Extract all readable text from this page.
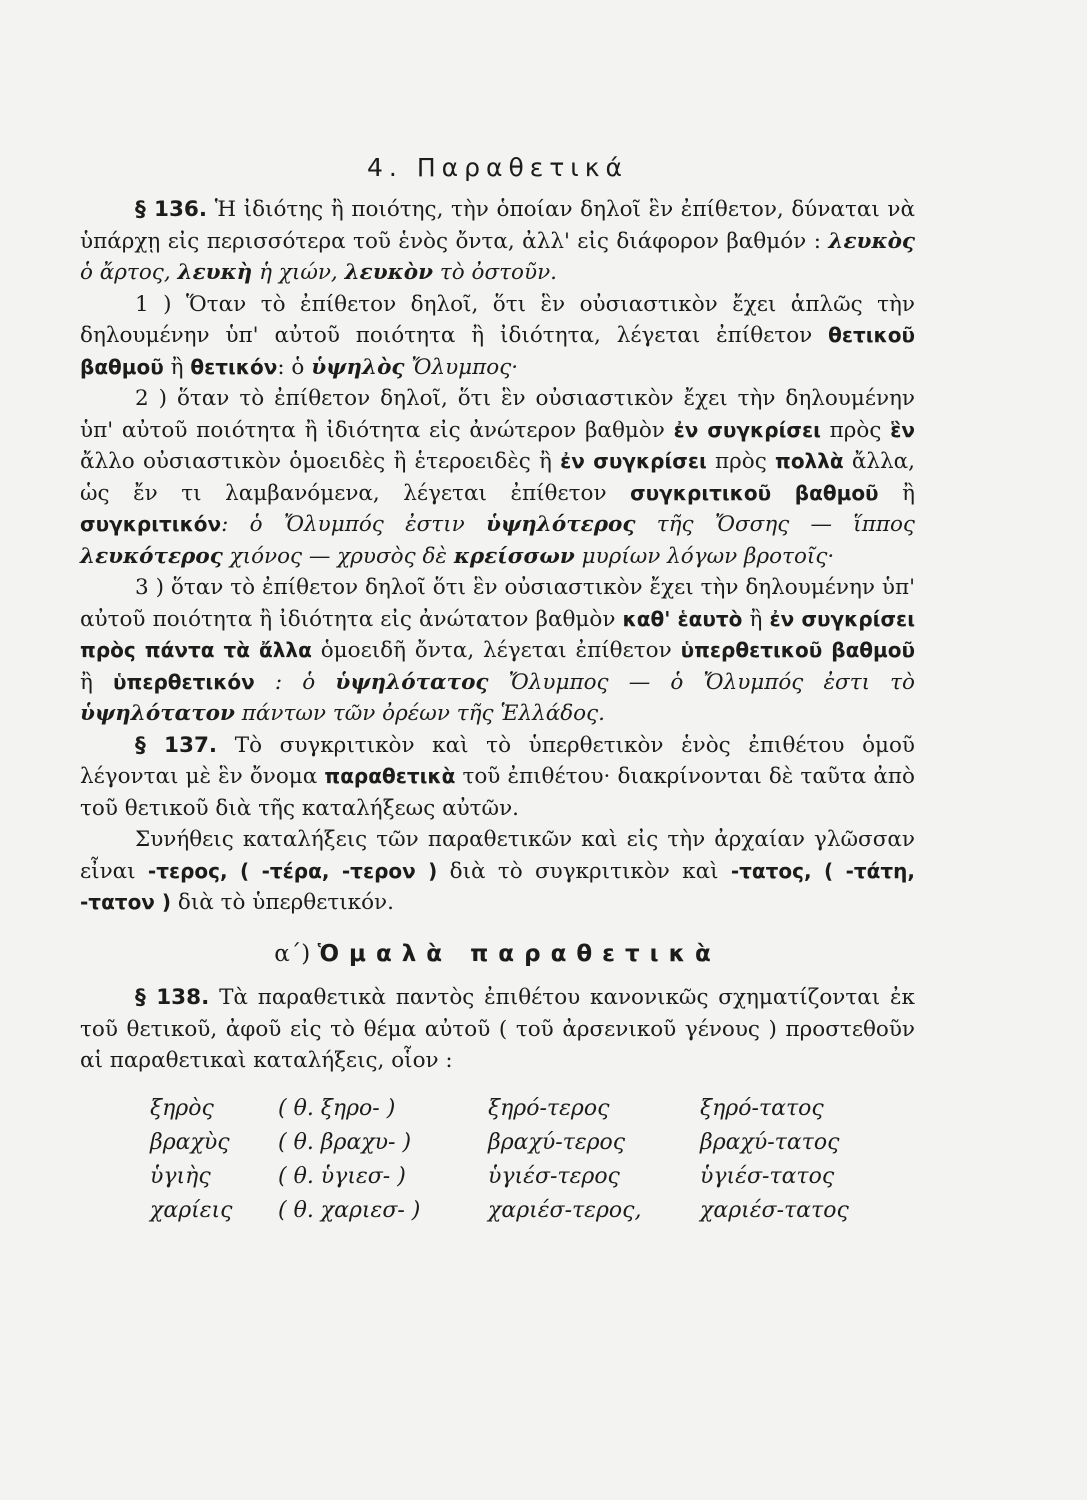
4. Παραθετικά

§ 136. Ἡ ἰδιότης ἢ ποιότης, τὴν ὁποίαν δηλοῖ ἓν ἐπίθετον, δύναται νὰ ὑπάρχῃ εἰς περισσότερα τοῦ ἑνὸς ὄντα, ἀλλ' εἰς διάφορον βαθμόν : λευκὸς ὁ ἄρτος, λευκὴ ἡ χιών, λευκὸν τὸ ὀστοῦν.

1 ) Ὅταν τὸ ἐπίθετον δηλοῖ, ὅτι ἓν οὐσιαστικὸν ἔχει ἁπλῶς τὴν δηλουμένην ὑπ' αὐτοῦ ποιότητα ἢ ἰδιότητα, λέγεται ἐπίθετον θετικοῦ βαθμοῦ ἢ θετικόν: ὁ ὑψηλὸς Ὄλυμπος·

2 ) ὅταν τὸ ἐπίθετον δηλοῖ, ὅτι ἓν οὐσιαστικὸν ἔχει τὴν δηλουμένην ὑπ' αὐτοῦ ποιότητα ἢ ἰδιότητα εἰς ἀνώτερον βαθμὸν ἐν συγκρίσει πρὸς ἓν ἄλλο οὐσιαστικὸν ὁμοειδὲς ἢ ἑτεροειδὲς ἢ ἐν συγκρίσει πρὸς πολλὰ ἄλλα, ὡς ἔν τι λαμβανόμενα, λέγεται ἐπίθετον συγκριτικοῦ βαθμοῦ ἢ συγκριτικόν: ὁ Ὄλυμπός ἐστιν ὑψηλότερος τῆς Ὄσσης — ἵππος λευκότερος χιόνος — χρυσὸς δὲ κρείσσων μυρίων λόγων βροτοῖς·

3 ) ὅταν τὸ ἐπίθετον δηλοῖ ὅτι ἓν οὐσιαστικὸν ἔχει τὴν δηλουμένην ὑπ' αὐτοῦ ποιότητα ἢ ἰδιότητα εἰς ἀνώτατον βαθμὸν καθ' ἑαυτὸ ἢ ἐν συγκρίσει πρὸς πάντα τὰ ἄλλα ὁμοειδῆ ὄντα, λέγεται ἐπίθετον ὑπερθετικοῦ βαθμοῦ ἢ ὑπερθετικόν : ὁ ὑψηλότατος Ὄλυμπος — ὁ Ὄλυμπός ἐστι τὸ ὑψηλότατον πάντων τῶν ὀρέων τῆς Ἑλλάδος.

§ 137. Τὸ συγκριτικὸν καὶ τὸ ὑπερθετικὸν ἑνὸς ἐπιθέτου ὁμοῦ λέγονται μὲ ἓν ὄνομα παραθετικὰ τοῦ ἐπιθέτου· διακρίνονται δὲ ταῦτα ἀπὸ τοῦ θετικοῦ διὰ τῆς καταλήξεως αὐτῶν.

Συνήθεις καταλήξεις τῶν παραθετικῶν καὶ εἰς τὴν ἀρχαίαν γλῶσσαν εἶναι -τερος, ( -τέρα, -τερον ) διὰ τὸ συγκριτικὸν καὶ -τατος, ( -τάτη, -τατον ) διὰ τὸ ὑπερθετικόν.

α΄) Ὁμαλὰ παραθετικὰ

§ 138. Τὰ παραθετικὰ παντὸς ἐπιθέτου κανονικῶς σχηματίζονται ἐκ τοῦ θετικοῦ, ἀφοῦ εἰς τὸ θέμα αὐτοῦ ( τοῦ ἀρσενικοῦ γένους ) προστεθοῦν αἱ παραθετικαὶ καταλήξεις, οἷον :

ξηρὸς	( θ. ξηρο- )	ξηρό-τερος	ξηρό-τατος
βραχὺς	( θ. βραχυ- )	βραχύ-τερος	βραχύ-τατος
ὑγιὴς	( θ. ὑγιεσ- )	ὑγιέσ-τερος	ὑγιέσ-τατος
χαρίεις	( θ. χαριεσ- )	χαριέσ-τερος,	χαριέσ-τατος
